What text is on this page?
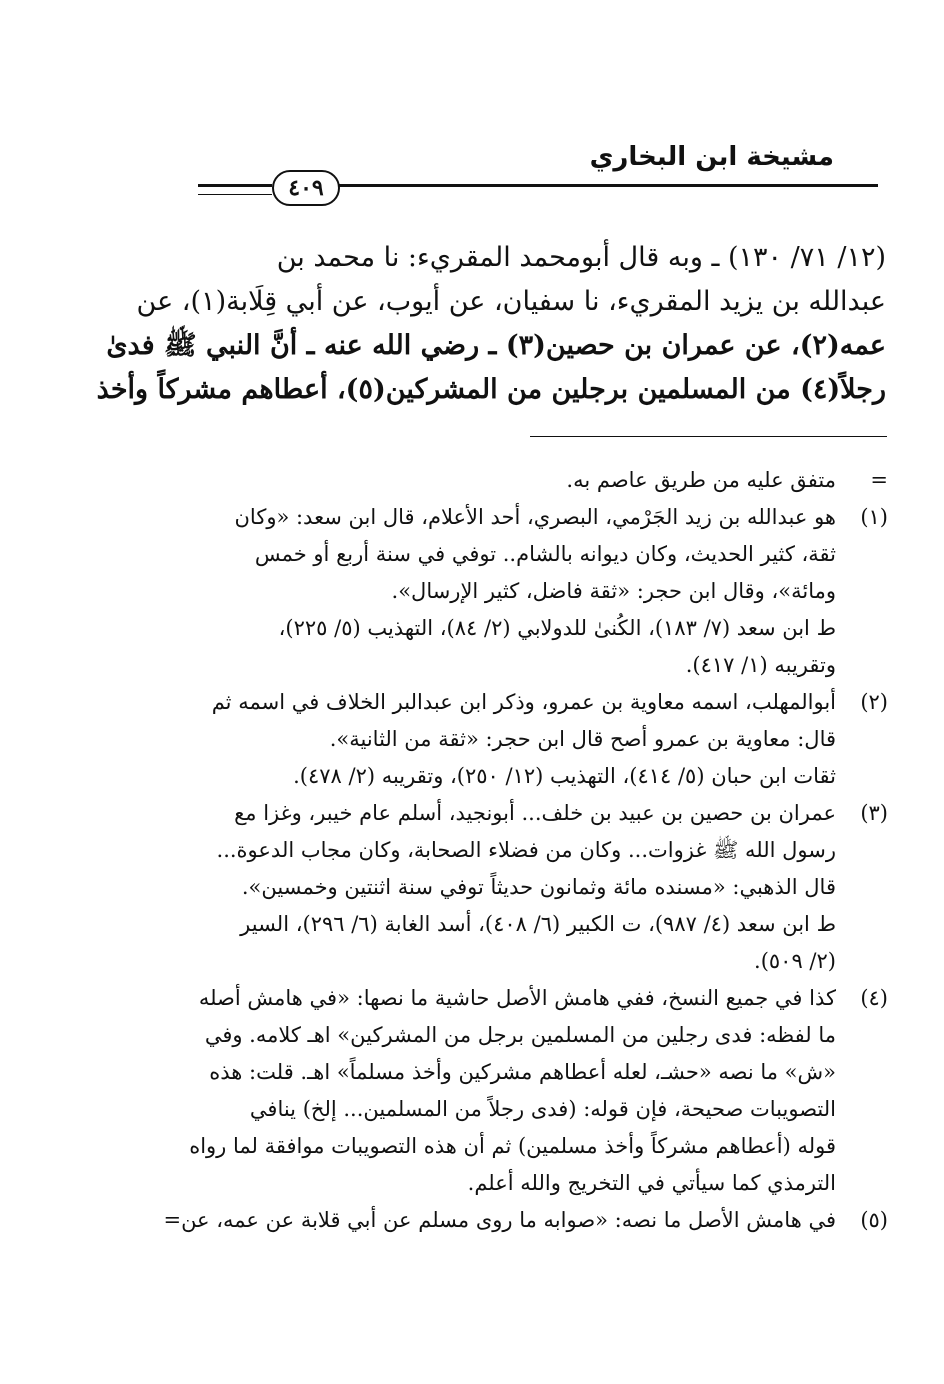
مشيخة ابن البخاري
٤٠٩
(١٢/ ٧١/ ١٣٠) ـ وبه قال أبومحمد المقريء: نا محمد بن
عبدالله بن يزيد المقريء، نا سفيان، عن أيوب، عن أبي قِلَابة(١)، عن
عمه(٢)، عن عمران بن حصين(٣) ـ رضي الله عنه ـ أنَّ النبي ﷺ فدىٰ
رجلاً(٤) من المسلمين برجلين من المشركين(٥)، أعطاهم مشركاً وأخذ
=
متفق عليه من طريق عاصم به.
(١)
هو عبدالله بن زيد الجَرْمي، البصري، أحد الأعلام، قال ابن سعد: «وكان
ثقة، كثير الحديث، وكان ديوانه بالشام.. توفي في سنة أربع أو خمس
ومائة»، وقال ابن حجر: «ثقة فاضل، كثير الإرسال».
ط ابن سعد (٧/ ١٨٣)، الكُنىٰ للدولابي (٢/ ٨٤)، التهذيب (٥/ ٢٢٥)،
وتقريبه (١/ ٤١٧).
(٢)
أبوالمهلب، اسمه معاوية بن عمرو، وذكر ابن عبدالبر الخلاف في اسمه ثم
قال: معاوية بن عمرو أصح قال ابن حجر: «ثقة من الثانية».
ثقات ابن حبان (٥/ ٤١٤)، التهذيب (١٢/ ٢٥٠)، وتقريبه (٢/ ٤٧٨).
(٣)
عمران بن حصين بن عبيد بن خلف... أبونجيد، أسلم عام خيبر، وغزا مع
رسول الله ﷺ غزوات... وكان من فضلاء الصحابة، وكان مجاب الدعوة...
قال الذهبي: «مسنده مائة وثمانون حديثاً توفي سنة اثنتين وخمسين».
ط ابن سعد (٤/ ٩٨٧)، ت الكبير (٦/ ٤٠٨)، أسد الغابة (٦/ ٢٩٦)، السير
(٢/ ٥٠٩).
(٤)
كذا في جميع النسخ، ففي هامش الأصل حاشية ما نصها: «في هامش أصله
ما لفظه: فدى رجلين من المسلمين برجل من المشركين» اهـ كلامه. وفي
«ش» ما نصه «حشـ، لعله أعطاهم مشركين وأخذ مسلماً» اهـ. قلت: هذه
التصويبات صحيحة، فإن قوله: (فدى رجلاً من المسلمين... إلخ) ينافي
قوله (أعطاهم مشركاً وأخذ مسلمين) ثم أن هذه التصويبات موافقة لما رواه
الترمذي كما سيأتي في التخريج والله أعلم.
(٥)
في هامش الأصل ما نصه: «صوابه ما روى مسلم عن أبي قلابة عن عمه، عن=
